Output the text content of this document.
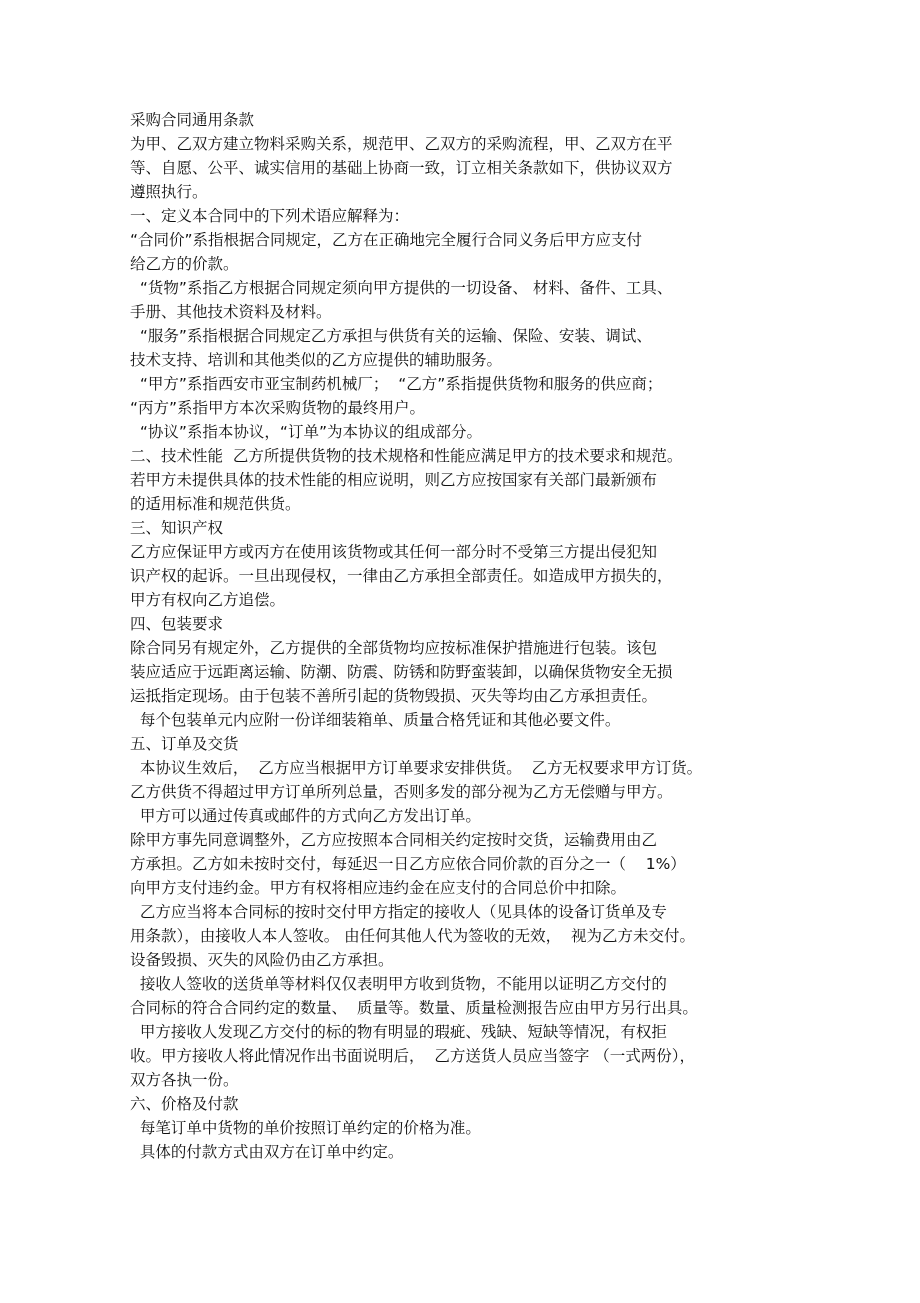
采购合同通用条款

为甲、乙双方建立物料采购关系，规范甲、乙双方的采购流程，甲、乙双方在平

等、自愿、公平、诚实信用的基础上协商一致，订立相关条款如下，供协议双方

遵照执行。

一、定义本合同中的下列术语应解释为：

“合同价”系指根据合同规定，乙方在正确地完全履行合同义务后甲方应支付

给乙方的价款。

“货物”系指乙方根据合同规定须向甲方提供的一切设备、 材料、备件、工具、

手册、其他技术资料及材料。

“服务”系指根据合同规定乙方承担与供货有关的运输、保险、安装、调试、

技术支持、培训和其他类似的乙方应提供的辅助服务。

“甲方”系指西安市亚宝制药机械厂；  “乙方”系指提供货物和服务的供应商；

“丙方”系指甲方本次采购货物的最终用户。

“协议”系指本协议，“订单”为本协议的组成部分。

二、技术性能  乙方所提供货物的技术规格和性能应满足甲方的技术要求和规范。

若甲方未提供具体的技术性能的相应说明，则乙方应按国家有关部门最新颁布

的适用标准和规范供货。

三、知识产权

乙方应保证甲方或丙方在使用该货物或其任何一部分时不受第三方提出侵犯知

识产权的起诉。一旦出现侵权，一律由乙方承担全部责任。如造成甲方损失的，

甲方有权向乙方追偿。

四、包装要求

除合同另有规定外，乙方提供的全部货物均应按标准保护措施进行包装。该包

装应适应于远距离运输、防潮、防震、防锈和防野蛮装卸，以确保货物安全无损

运抵指定现场。由于包装不善所引起的货物毁损、灭失等均由乙方承担责任。

每个包装单元内应附一份详细装箱单、质量合格凭证和其他必要文件。

五、订单及交货

本协议生效后，  乙方应当根据甲方订单要求安排供货。  乙方无权要求甲方订货。

乙方供货不得超过甲方订单所列总量，否则多发的部分视为乙方无偿赠与甲方。

甲方可以通过传真或邮件的方式向乙方发出订单。

除甲方事先同意调整外，乙方应按照本合同相关约定按时交货，运输费用由乙

方承担。乙方如未按时交付，每延迟一日乙方应依合同价款的百分之一（    1%）

向甲方支付违约金。甲方有权将相应违约金在应支付的合同总价中扣除。

乙方应当将本合同标的按时交付甲方指定的接收人（见具体的设备订货单及专

用条款），由接收人本人签收。 由任何其他人代为签收的无效，  视为乙方未交付。

设备毁损、灭失的风险仍由乙方承担。

接收人签收的送货单等材料仅仅表明甲方收到货物，不能用以证明乙方交付的

合同标的符合合同约定的数量、  质量等。数量、质量检测报告应由甲方另行出具。

甲方接收人发现乙方交付的标的物有明显的瑕疵、残缺、短缺等情况，有权拒

收。甲方接收人将此情况作出书面说明后，  乙方送货人员应当签字 （一式两份），

双方各执一份。

六、价格及付款

每笔订单中货物的单价按照订单约定的价格为准。

具体的付款方式由双方在订单中约定。
